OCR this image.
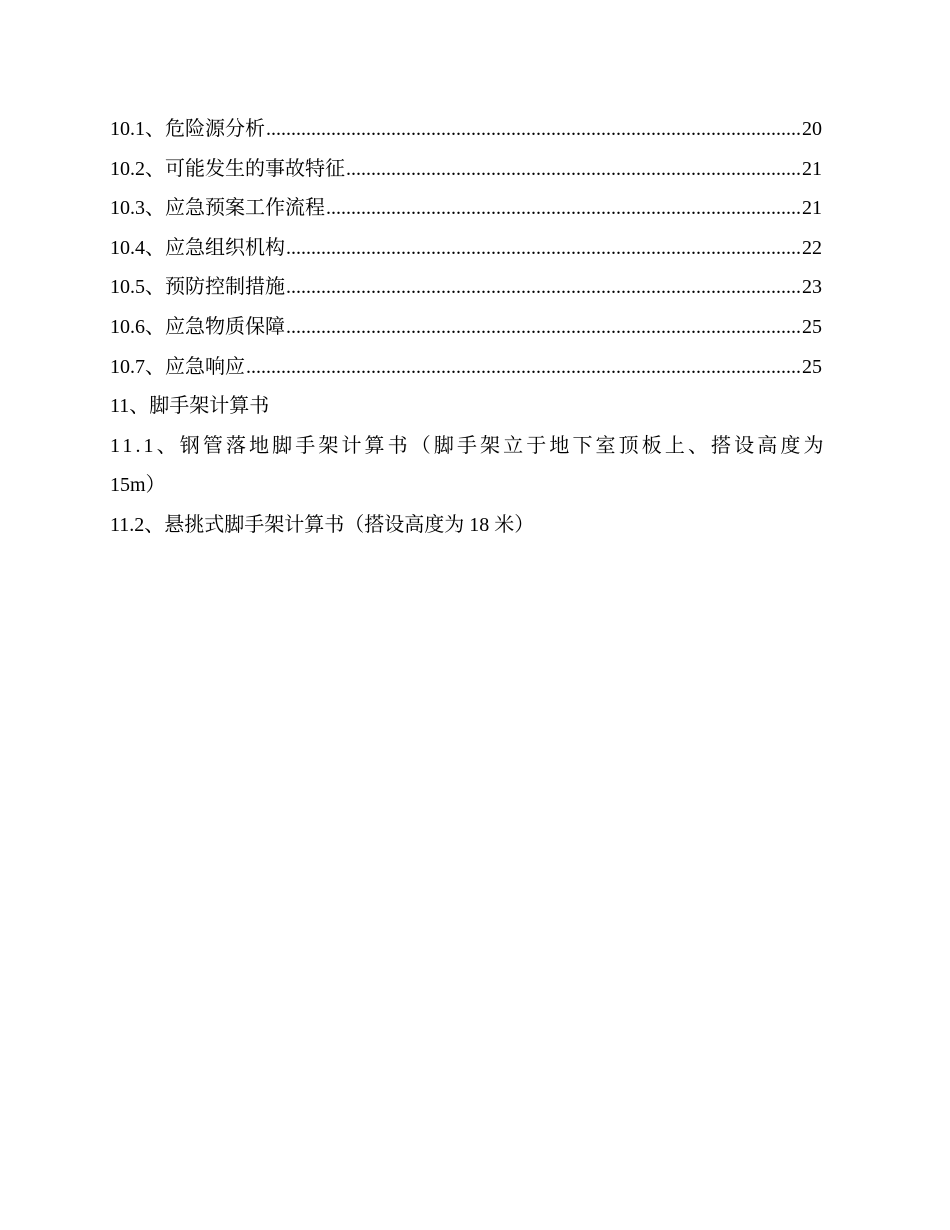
10.1、危险源分析 .....	20
10.2、可能发生的事故特征 .....	21
10.3、应急预案工作流程 .....	21
10.4、应急组织机构 .....	22
10.5、预防控制措施 .....	23
10.6、应急物质保障 .....	25
10.7、应急响应 .....	25
11、脚手架计算书
11.1、钢管落地脚手架计算书（脚手架立于地下室顶板上、搭设高度为
15m）
11.2、悬挑式脚手架计算书（搭设高度为 18 米）
